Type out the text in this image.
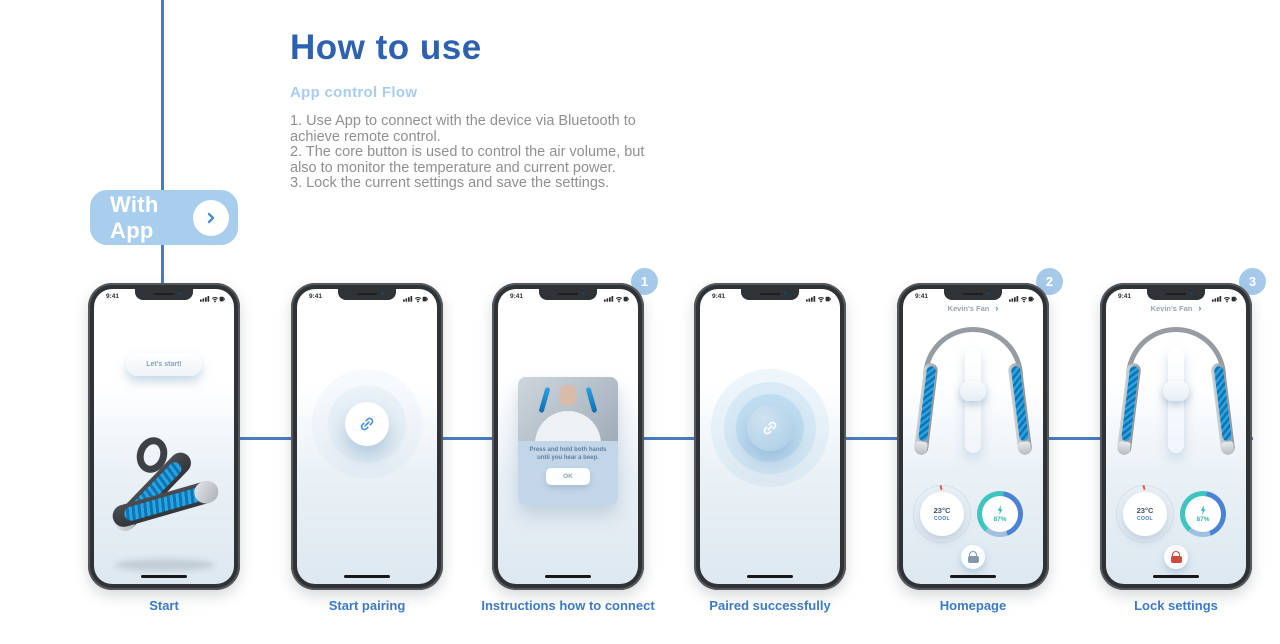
With App
How to use
App control Flow
1. Use App to connect with the device via Bluetooth to achieve remote control.
2. The core button is used to control the air volume, but also to monitor the temperature and current power.
3. Lock the current settings and save the settings.
9:41
Let's start!
Start
9:41
Start pairing
1
9:41
Press and hold both hands until you hear a beep.
OK
Instructions how to connect
9:41
Paired successfully
2
9:41
Kevin's Fan ›
23°C
COOL	87%
Homepage
3
9:41
Kevin's Fan ›
23°C
COOL	87%
Lock settings
